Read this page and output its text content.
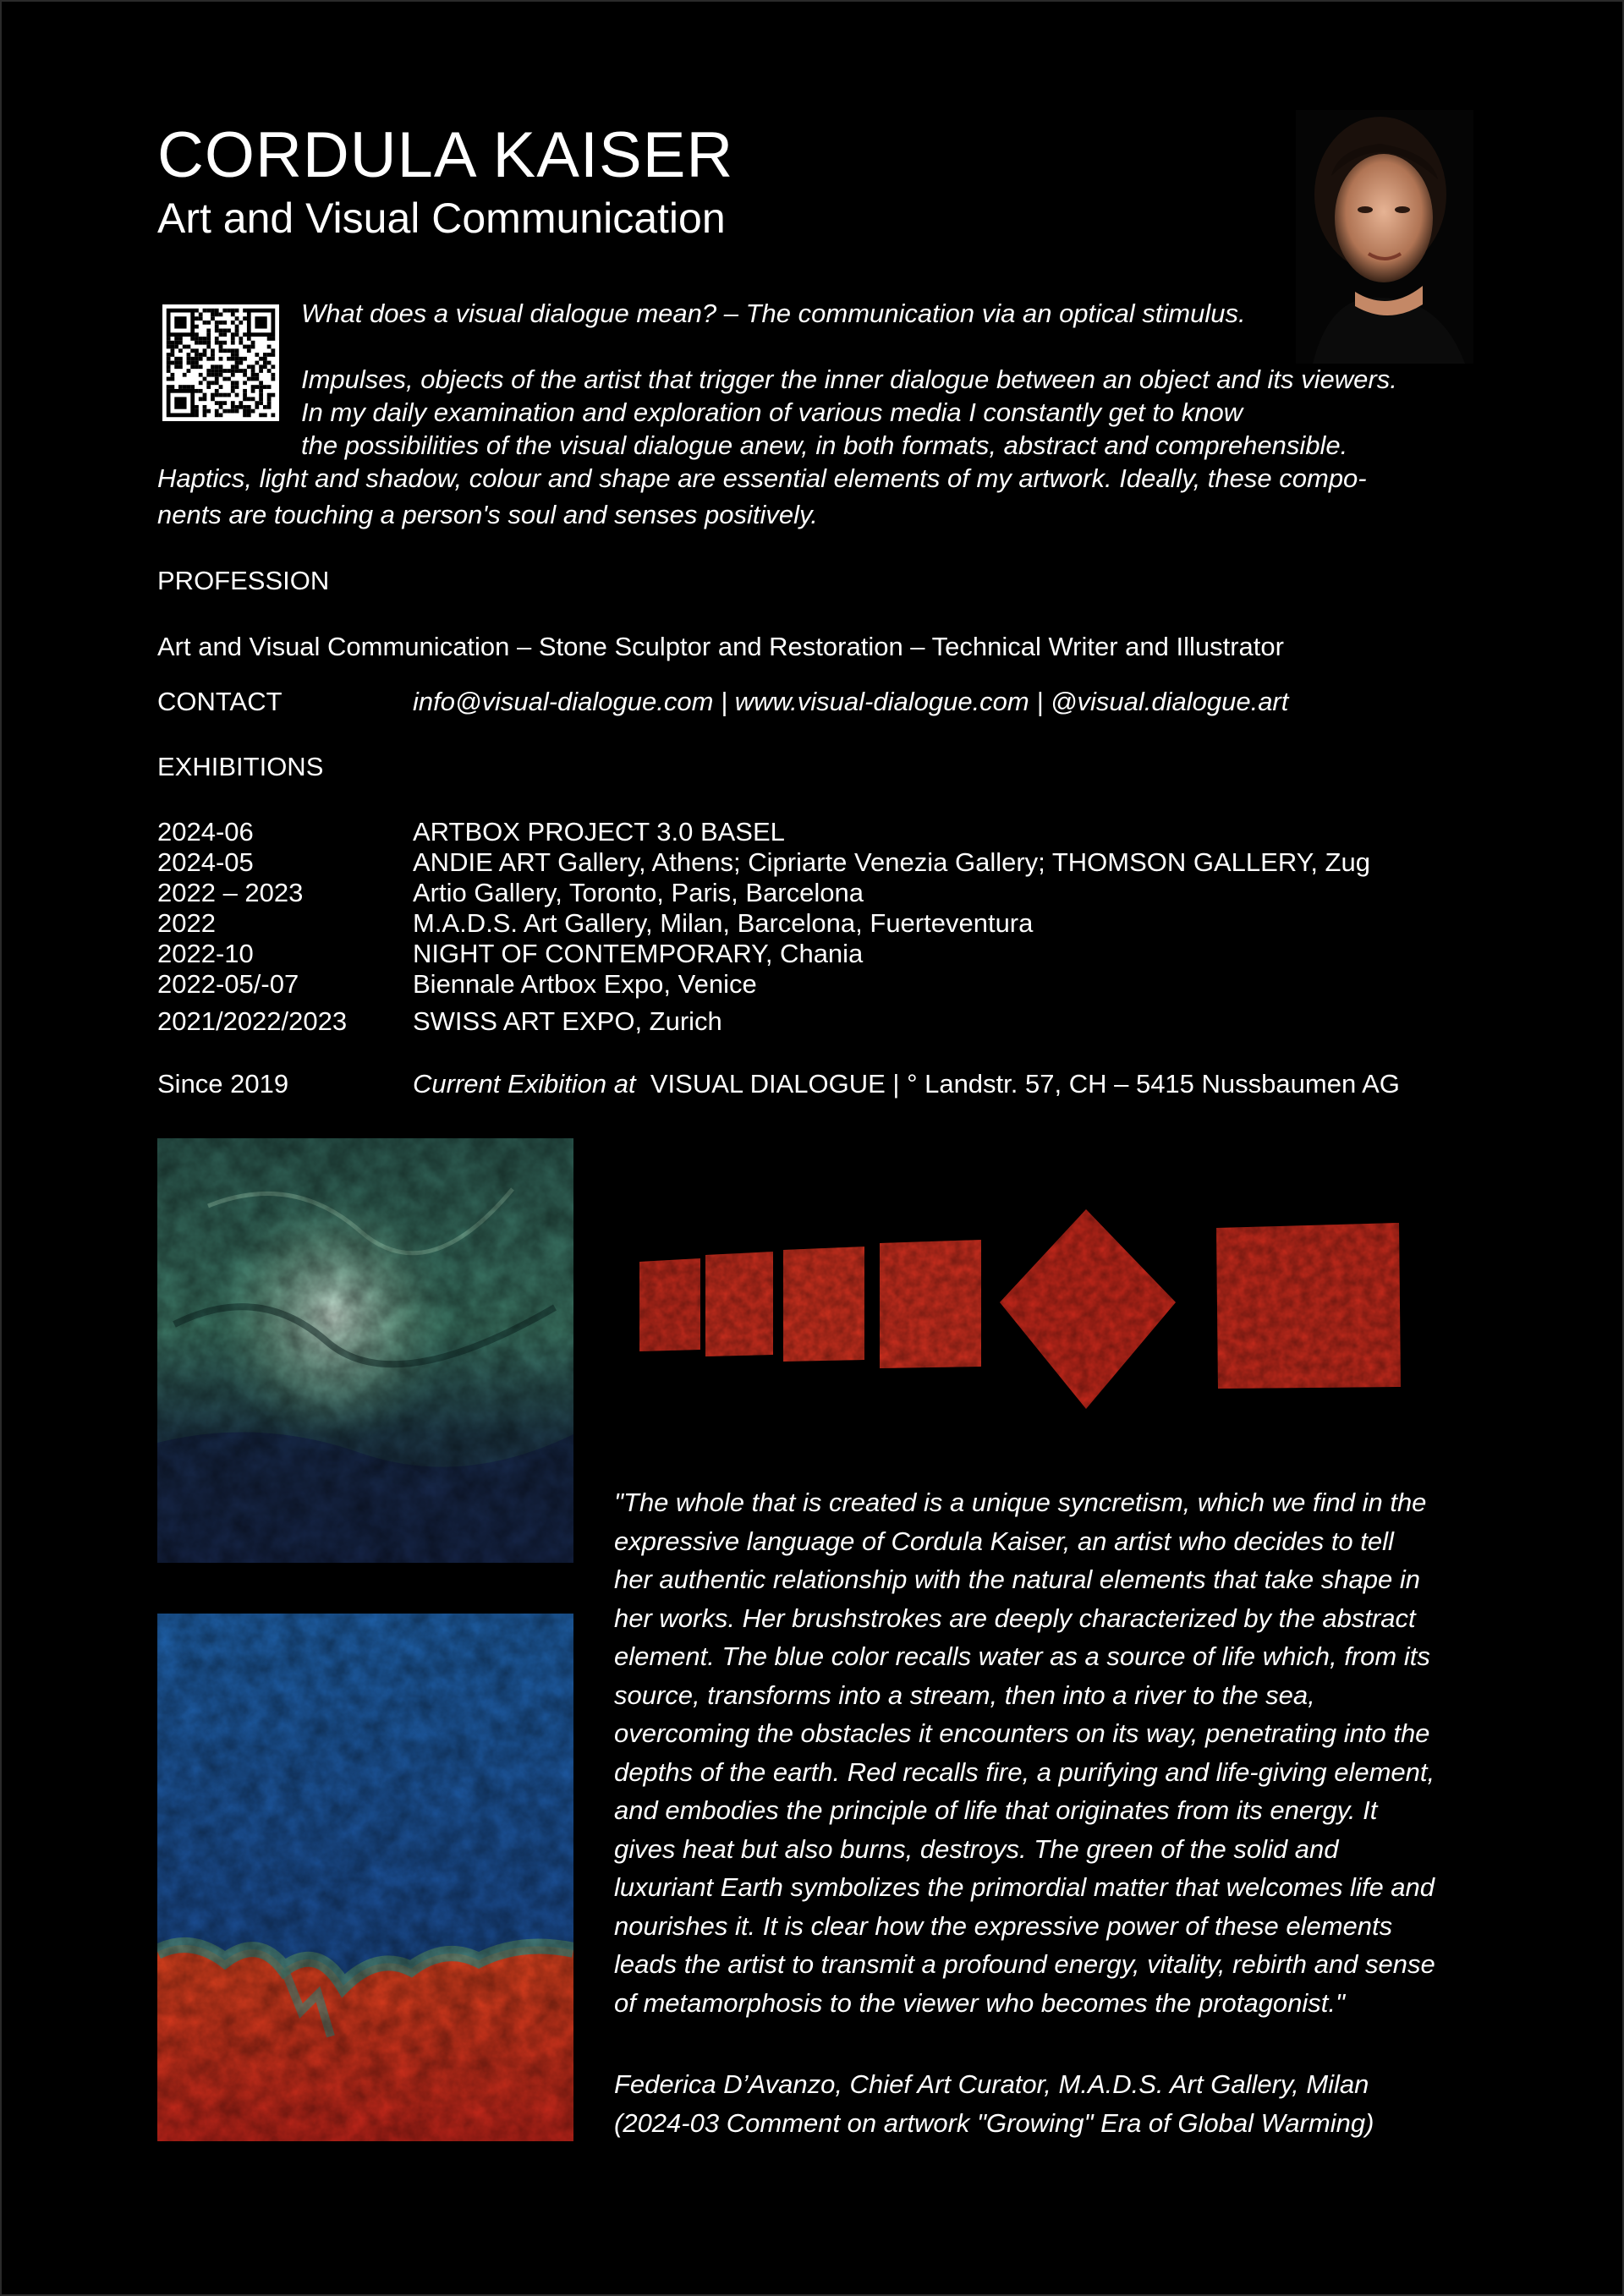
CORDULA KAISER
Art and Visual Communication
What does a visual dialogue mean? – The communication via an optical stimulus.
Impulses, objects of the artist that trigger the inner dialogue between an object and its viewers.
In my daily examination and exploration of various media I constantly get to know
the possibilities of the visual dialogue anew, in both formats, abstract and comprehensible.
Haptics, light and shadow, colour and shape are essential elements of my artwork. Ideally, these compo-
nents are touching a person's soul and senses positively.
PROFESSION
Art and Visual Communication – Stone Sculptor and Restoration – Technical Writer and Illustrator
CONTACT	info@visual-dialogue.com | www.visual-dialogue.com | @visual.dialogue.art
EXHIBITIONS
2024-06	ARTBOX PROJECT 3.0 BASEL
2024-05	ANDIE ART Gallery, Athens; Cipriarte Venezia Gallery; THOMSON GALLERY, Zug
2022 – 2023	Artio Gallery, Toronto, Paris, Barcelona
2022	M.A.D.S. Art Gallery, Milan, Barcelona, Fuerteventura
2022-10	NIGHT OF CONTEMPORARY, Chania
2022-05/-07	Biennale Artbox Expo, Venice
2021/2022/2023	SWISS ART EXPO, Zurich
Since 2019	Current Exibition at VISUAL DIALOGUE | ° Landstr. 57, CH – 5415 Nussbaumen AG

"The whole that is created is a unique syncretism, which we find in the

expressive language of Cordula Kaiser, an artist who decides to tell

her authentic relationship with the natural elements that take shape in

her works. Her brushstrokes are deeply characterized by the abstract

element. The blue color recalls water as a source of life which, from its

source, transforms into a stream, then into a river to the sea,

overcoming the obstacles it encounters on its way, penetrating into the

depths of the earth. Red recalls fire, a purifying and life-giving element,

and embodies the principle of life that originates from its energy. It

gives heat but also burns, destroys. The green of the solid and

luxuriant Earth symbolizes the primordial matter that welcomes life and

nourishes it. It is clear how the expressive power of these elements

leads the artist to transmit a profound energy, vitality, rebirth and sense

of metamorphosis to the viewer who becomes the protagonist."

Federica D’Avanzo, Chief Art Curator, M.A.D.S. Art Gallery, Milan
(2024-03 Comment on artwork "Growing" Era of Global Warming)
